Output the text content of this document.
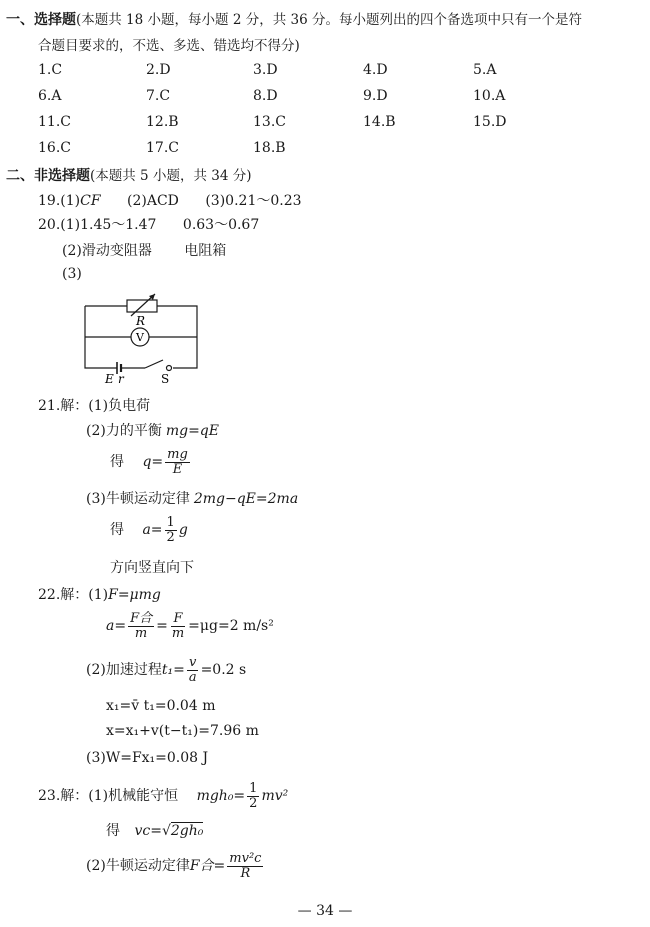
一、选择题(本题共 18 小题，每小题 2 分，共 36 分。每小题列出的四个备选项中只有一个是符
合题目要求的，不选、多选、错选均不得分)
1.C	2.D	3.D	4.D	5.A
6.A	7.C	8.D	9.D	10.A
11.C	12.B	13.C	14.B	15.D
16.C	17.C	18.B
二、非选择题(本题共 5 小题，共 34 分)
19.(1)CF (2)ACD (3)0.21～0.23
20.(1)1.45～1.47 0.63～0.67
(2)滑动变阻器 电阻箱
(3)
R
V
E r	S
21.解：(1)负电荷
(2)力的平衡 mg=qE
得 $q= \frac{mg}{E}$
(3)牛顿运动定律 2mg−qE=2ma
得 $a= \frac{1}{2}$ g
方向竖直向下
22.解：(1)F=μmg
$a= \frac{\text{F合}}{m} = \frac{F}{m} =\mu g=2$ m/s²
(2)加速过程$t_1= \frac{v}{a} =0.2$ s
x₁=v̄ t₁=0.04 m
x=x₁+v(t−t₁)=7.96 m
(3)W=Fx₁=0.08 J
23.解：(1)机械能守恒 $mgh_0= \frac{1}{2} mv^2$
得 vc=√2gh₀
(2)牛顿运动定律F合= $\frac{\text{mv²c}}{R}$
— 34 —
